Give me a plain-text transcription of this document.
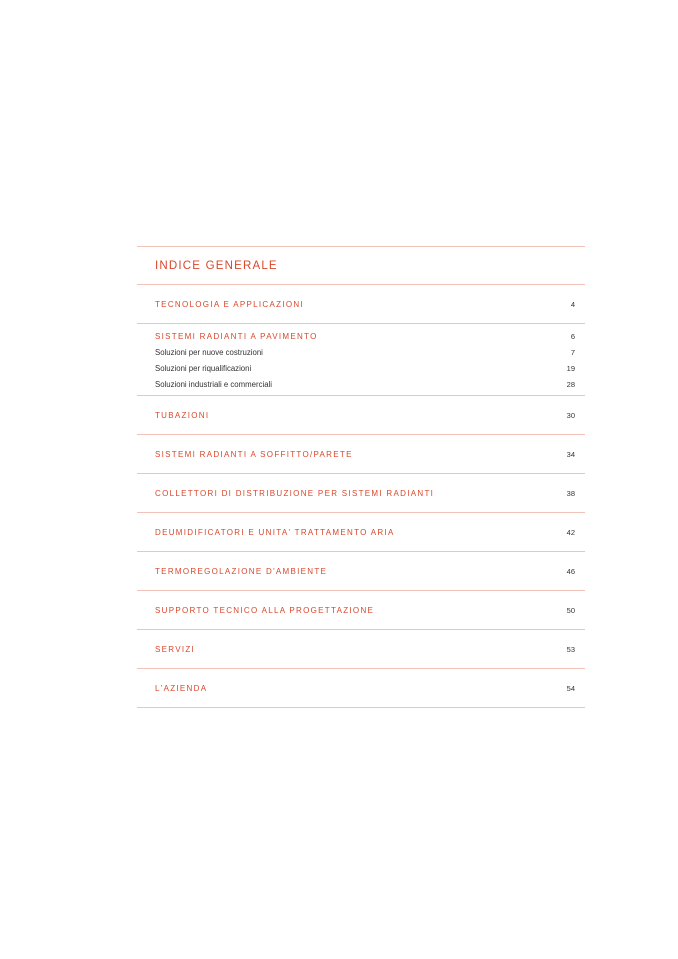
INDICE GENERALE
TECNOLOGIA E APPLICAZIONI	4
SISTEMI RADIANTI A PAVIMENTO	6
Soluzioni per nuove costruzioni	7
Soluzioni per riqualificazioni	19
Soluzioni industriali e commerciali	28
TUBAZIONI	30
SISTEMI RADIANTI A SOFFITTO/PARETE	34
COLLETTORI DI DISTRIBUZIONE PER SISTEMI RADIANTI	38
DEUMIDIFICATORI E UNITA' TRATTAMENTO ARIA	42
TERMOREGOLAZIONE D'AMBIENTE	46
SUPPORTO TECNICO ALLA PROGETTAZIONE	50
SERVIZI	53
L'AZIENDA	54
